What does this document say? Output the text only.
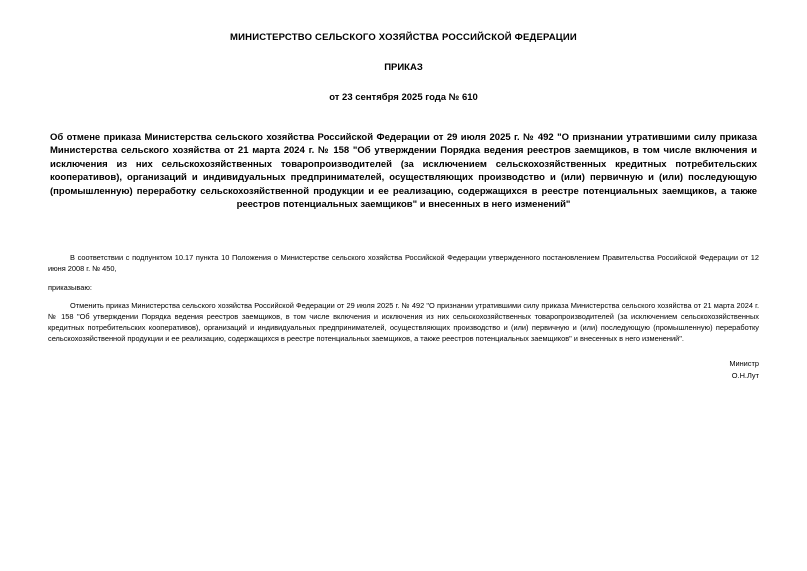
МИНИСТЕРСТВО СЕЛЬСКОГО ХОЗЯЙСТВА РОССИЙСКОЙ ФЕДЕРАЦИИ
ПРИКАЗ
от 23 сентября 2025 года № 610
Об отмене приказа Министерства сельского хозяйства Российской Федерации от 29 июля 2025 г. № 492 "О признании утратившими силу приказа Министерства сельского хозяйства от 21 марта 2024 г. № 158 "Об утверждении Порядка ведения реестров заемщиков, в том числе включения и исключения из них сельскохозяйственных товаропроизводителей (за исключением сельскохозяйственных кредитных потребительских кооперативов), организаций и индивидуальных предпринимателей, осуществляющих производство и (или) первичную и (или) последующую (промышленную) переработку сельскохозяйственной продукции и ее реализацию, содержащихся в реестре потенциальных заемщиков, а также реестров потенциальных заемщиков" и внесенных в него изменений"

В соответствии с подпунктом 10.17 пункта 10 Положения о Министерстве сельского хозяйства Российской Федерации утвержденного постановлением Правительства Российской Федерации от 12 июня 2008 г. № 450,

приказываю:

Отменить приказ Министерства сельского хозяйства Российской Федерации от 29 июля 2025 г. № 492 "О признании утратившими силу приказа Министерства сельского хозяйства от 21 марта 2024 г. № 158 "Об утверждении Порядка ведения реестров заемщиков, в том числе включения и исключения из них сельскохозяйственных товаропроизводителей (за исключением сельскохозяйственных кредитных потребительских кооперативов), организаций и индивидуальных предпринимателей, осуществляющих производство и (или) первичную и (или) последующую (промышленную) переработку сельскохозяйственной продукции и ее реализацию, содержащихся в реестре потенциальных заемщиков, а также реестров потенциальных заемщиков" и внесенных в него изменений".

Министр
О.Н.Лут
